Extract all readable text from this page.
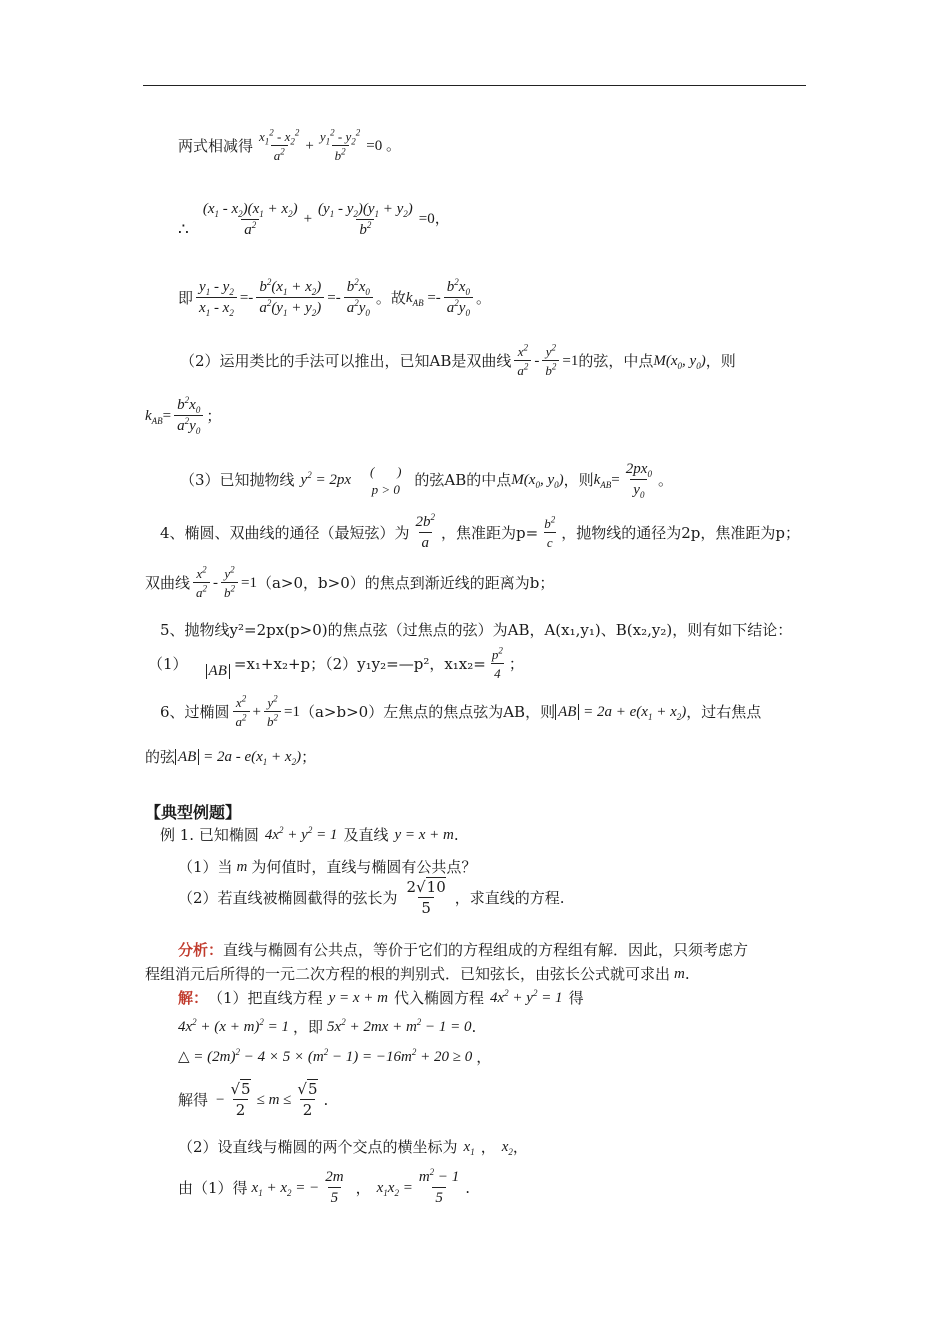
两式相减得 $\frac{x_1^2 - x_2^2}{a^2} + \frac{y_1^2 - y_2^2}{b^2} =0$ 。
∴ $\frac{(x_1 - x_2)(x_1 + x_2)}{a^2} + \frac{(y_1 - y_2)(y_1 + y_2)}{b^2} =0$，
即 $\frac{y_1 - y_2}{x_1 - x_2} =- \frac{b^2(x_1 + x_2)}{a^2(y_1 + y_2)} =- \frac{b^2x_0}{a^2y_0}$ 。故 $k_{AB} =- \frac{b^2x_0}{a^2y_0}$ 。
（2）运用类比的手法可以推出，已知AB是双曲线 $\frac{x^2}{a^2} - \frac{y^2}{b^2} =1$ 的弦，中点 $M(x_0$, $y_0$) ，则
$k_{AB} = \frac{b^2x_0}{a^2y_0}$ ；
（3）已知抛物线 $y^2 = 2px$
(       )
p > 0
的弦AB的中点 $M(x_0$, $y_0$) ，则 $k_{AB} = \frac{2px_0}{y_0}$ 。
4、椭圆、双曲线的通径（最短弦）为 $\frac{2b^2}{a}$ ，焦准距为$p= \frac{b^2}{c}$ ，抛物线的通径为2p，焦准距为p；
双曲线 $\frac{x^2}{a^2} - \frac{y^2}{b^2} =1$ （a>0，b>0）的焦点到渐近线的距离为b；
5、抛物线y²=2px(p>0)的焦点弦（过焦点的弦）为AB，A(x₁,y₁)、B(x₂,y₂)，则有如下结论：
（1） AB =x₁+x₂+p；（2）y₁y₂=—p²，$x_1x_2= \frac{p^2}{4}$ ；
6、过椭圆 $\frac{x^2}{a^2} + \frac{y^2}{b^2} =1$ （a>b>0）左焦点的焦点弦为AB，则 AB = $2a + e(x_1 + x_2)$ ，过右焦点
的弦 AB = $2a - e(x_1 + x_2)$ ；
【典型例题】
例 1. 已知椭圆 $4x^2 + y^2 = 1$ 及直线 y = x + m .
（1）当 m 为何值时，直线与椭圆有公共点？
（2）若直线被椭圆截得的弦长为 $\frac{2√10}{5}$ ，求直线的方程.
分析： 直线与椭圆有公共点，等价于它们的方程组成的方程组有解．因此，只须考虑方
程组消元后所得的一元二次方程的根的判别式．已知弦长，由弦长公式就可求出 m .
解： （1）把直线方程 y = x + m 代入椭圆方程 $4x^2 + y^2 = 1$ 得
$4x^2 + (x + m)^2 = 1$ ，即 $5x^2 + 2mx + m^2 - 1 = 0$ .
△ = $(2m)^2 - 4 \times 5 \times (m^2 - 1) = -16m^2 + 20 \ge 0$ ，
解得 − $\frac{√5}{2} \le m \le \frac{√5}{2}$ .
（2）设直线与椭圆的两个交点的横坐标为 $x_1$ ， $x_2$ ，
由（1）得 $x_1 + x_2$ = − $\frac{2m}{5}$ ， $x_1x_2 = \frac{m^2 - 1}{5}$ .
